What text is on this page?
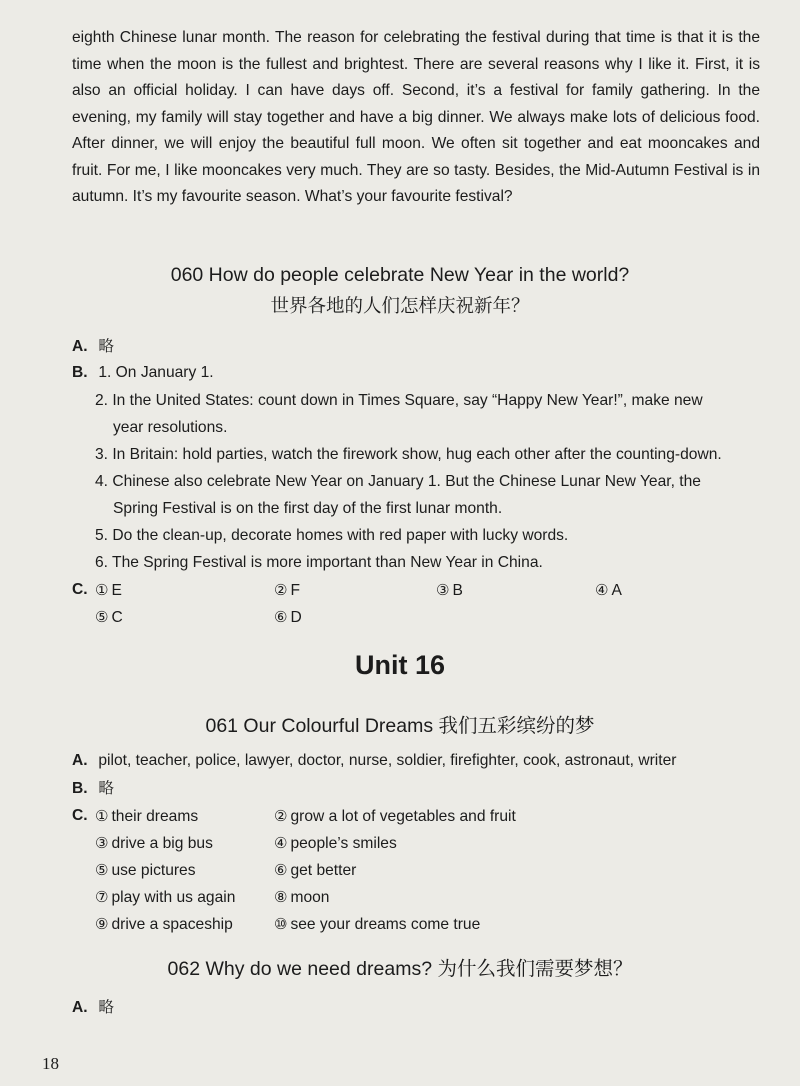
eighth Chinese lunar month. The reason for celebrating the festival during that time is that it is the time when the moon is the fullest and brightest. There are several reasons why I like it. First, it is also an official holiday. I can have days off. Second, it’s a festival for family gathering. In the evening, my family will stay together and have a big dinner. We always make lots of delicious food. After dinner, we will enjoy the beautiful full moon. We often sit together and eat mooncakes and fruit. For me, I like mooncakes very much. They are so tasty. Besides, the Mid-Autumn Festival is in autumn. It’s my favourite season. What’s your favourite festival?
060 How do people celebrate New Year in the world?
世界各地的人们怎样庆祝新年？
A. 略
B. 1. On January 1.
2. In the United States: count down in Times Square, say “Happy New Year!”, make new
year resolutions.
3. In Britain: hold parties, watch the firework show, hug each other after the counting-down.
4. Chinese also celebrate New Year on January 1. But the Chinese Lunar New Year, the
Spring Festival is on the first day of the first lunar month.
5. Do the clean-up, decorate homes with red paper with lucky words.
6. The Spring Festival is more important than New Year in China.
C. ① E	② F	③ B	④ A
⑤ C	⑥ D
Unit 16
061 Our Colourful Dreams 我们五彩缤纷的梦
A. pilot, teacher, police, lawyer, doctor, nurse, soldier, firefighter, cook, astronaut, writer
B. 略
C. ① their dreams	② grow a lot of vegetables and fruit
③ drive a big bus	④ people’s smiles
⑤ use pictures	⑥ get better
⑦ play with us again	⑧ moon
⑨ drive a spaceship	⑩ see your dreams come true
062 Why do we need dreams? 为什么我们需要梦想？
A. 略
18
